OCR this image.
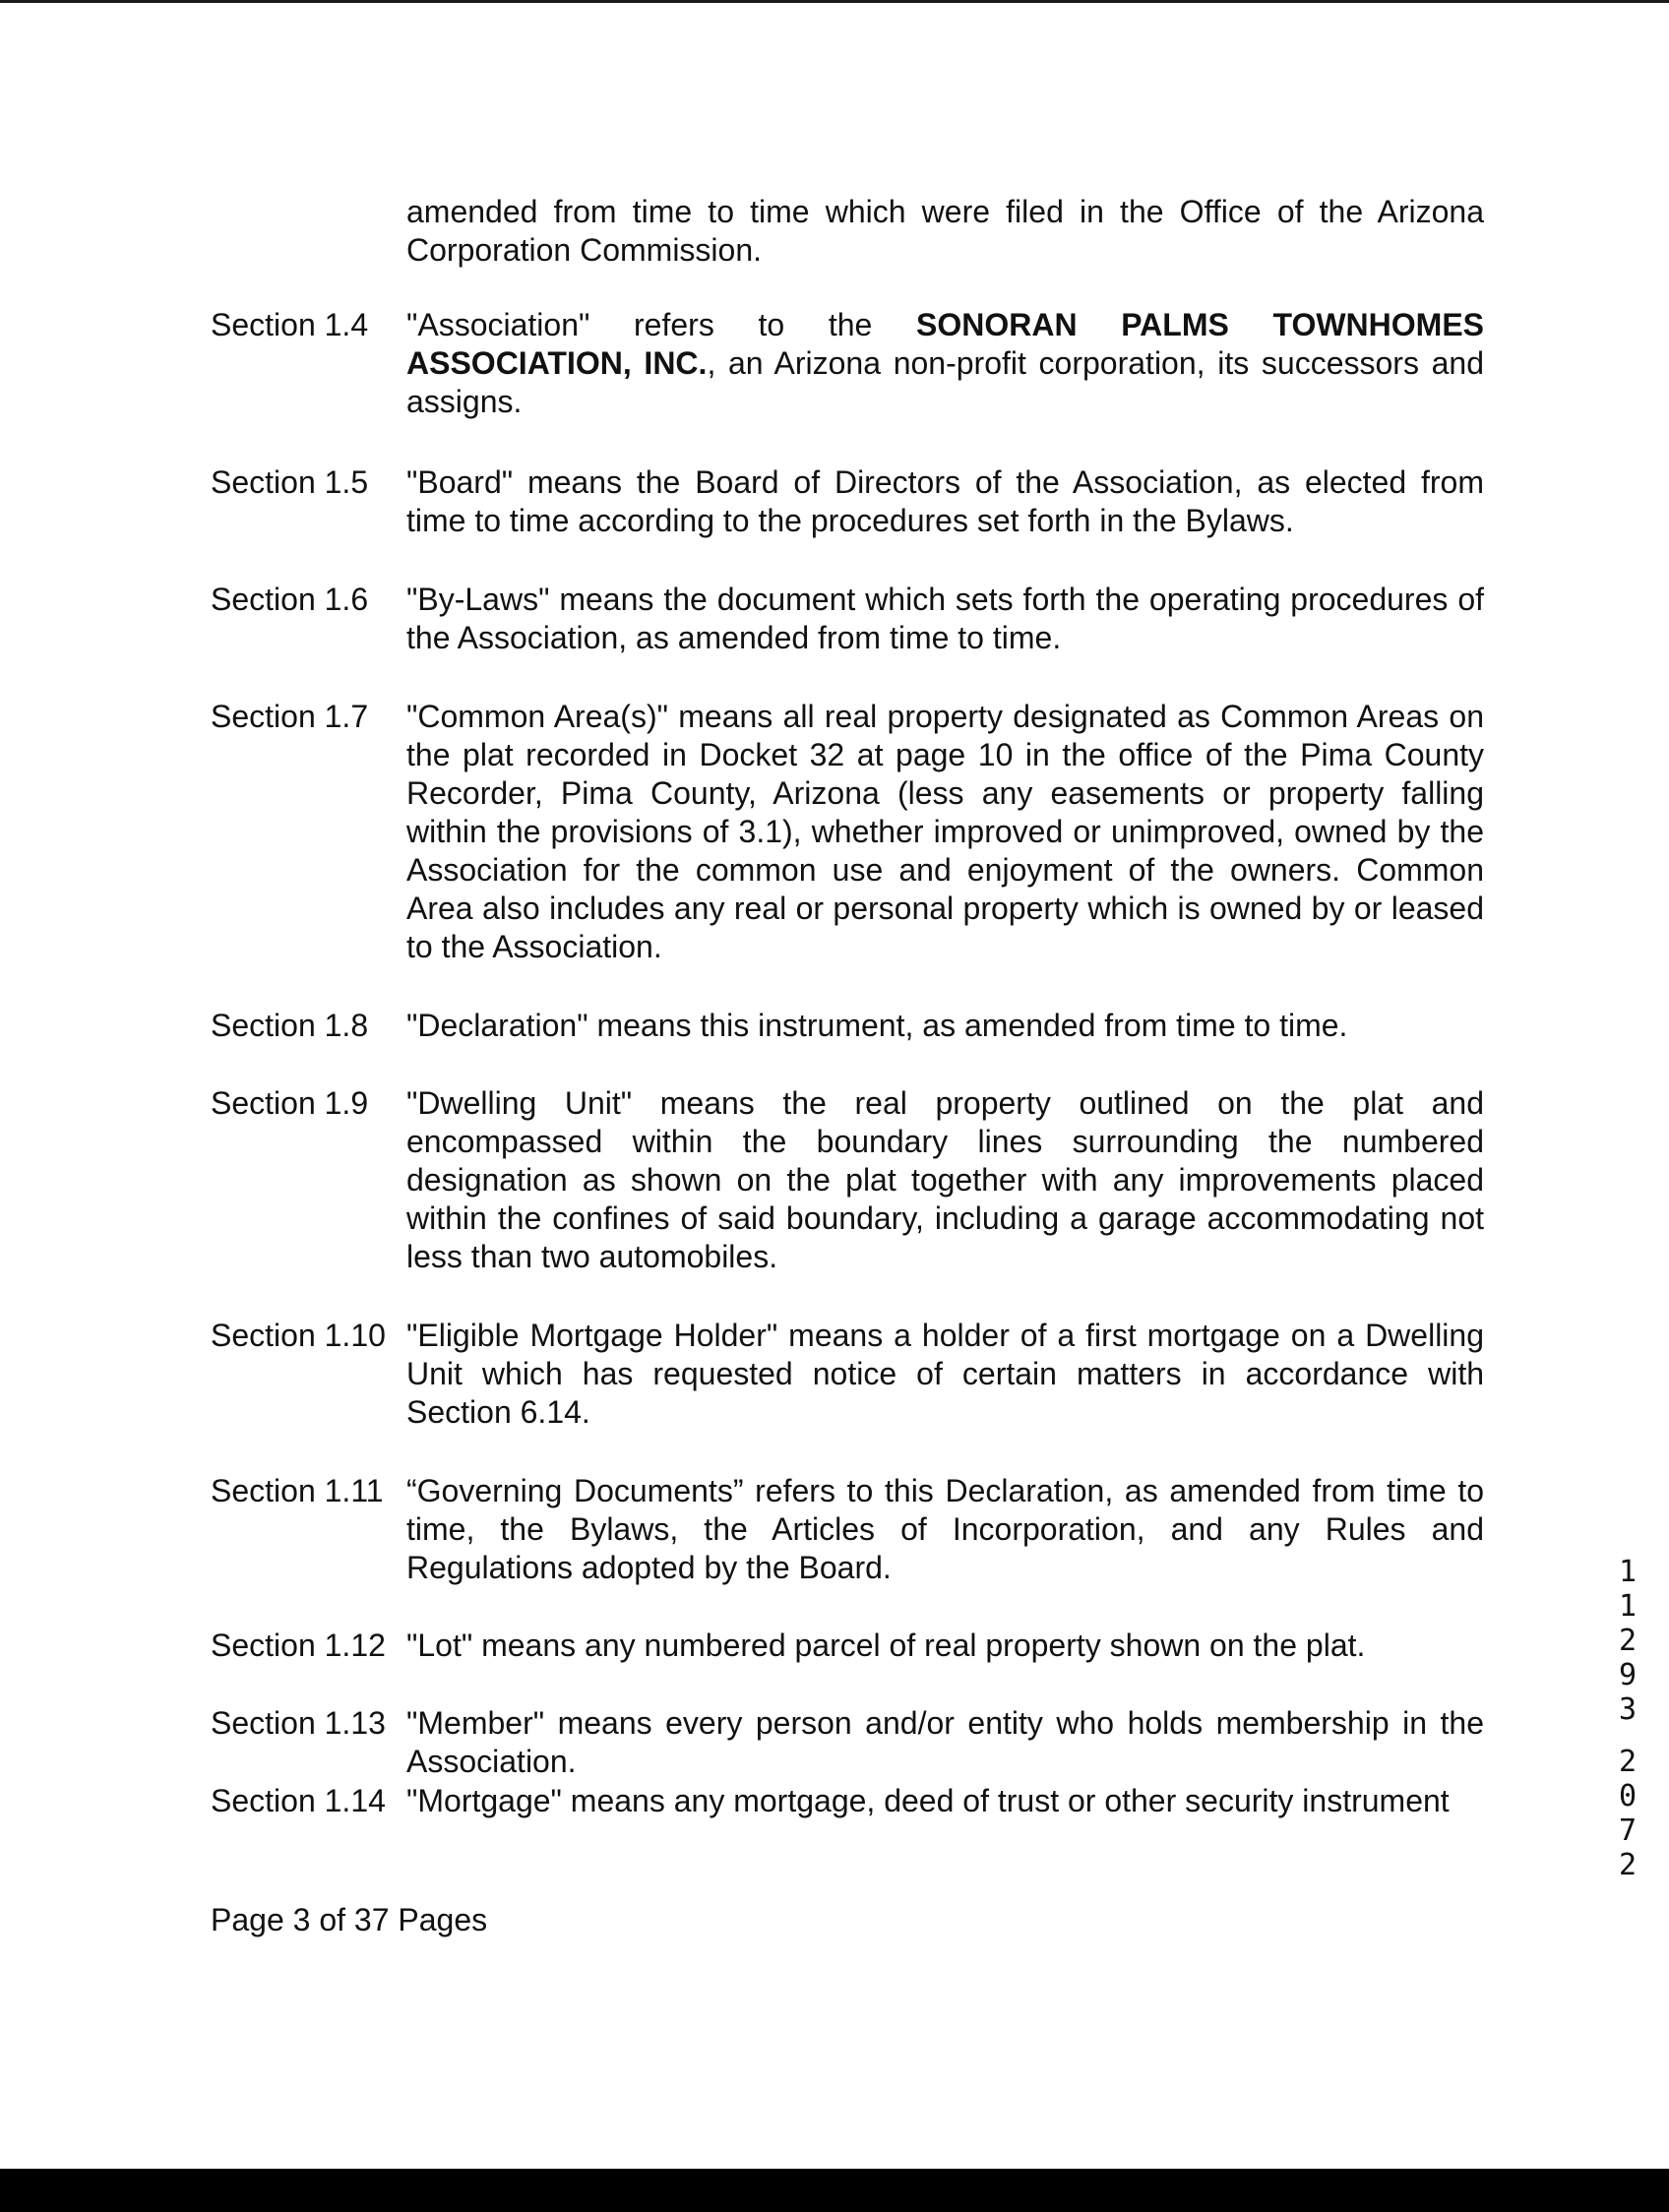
amended from time to time which were filed in the Office of the Arizona Corporation Commission.
Section 1.4 "Association" refers to the SONORAN PALMS TOWNHOMES ASSOCIATION, INC., an Arizona non-profit corporation, its successors and assigns.
Section 1.5 "Board" means the Board of Directors of the Association, as elected from time to time according to the procedures set forth in the Bylaws.
Section 1.6 "By-Laws" means the document which sets forth the operating procedures of the Association, as amended from time to time.
Section 1.7 "Common Area(s)" means all real property designated as Common Areas on the plat recorded in Docket 32 at page 10 in the office of the Pima County Recorder, Pima County, Arizona (less any easements or property falling within the provisions of 3.1), whether improved or unimproved, owned by the Association for the common use and enjoyment of the owners. Common Area also includes any real or personal property which is owned by or leased to the Association.
Section 1.8 "Declaration" means this instrument, as amended from time to time.
Section 1.9 "Dwelling Unit" means the real property outlined on the plat and encompassed within the boundary lines surrounding the numbered designation as shown on the plat together with any improvements placed within the confines of said boundary, including a garage accommodating not less than two automobiles.
Section 1.10 "Eligible Mortgage Holder" means a holder of a first mortgage on a Dwelling Unit which has requested notice of certain matters in accordance with Section 6.14.
Section 1.11 “Governing Documents” refers to this Declaration, as amended from time to time, the Bylaws, the Articles of Incorporation, and any Rules and Regulations adopted by the Board.
Section 1.12 "Lot" means any numbered parcel of real property shown on the plat.
Section 1.13 "Member" means every person and/or entity who holds membership in the Association.
Section 1.14 "Mortgage" means any mortgage, deed of trust or other security instrument
Page 3 of 37 Pages
1
1
2
9
3
2
0
7
2
